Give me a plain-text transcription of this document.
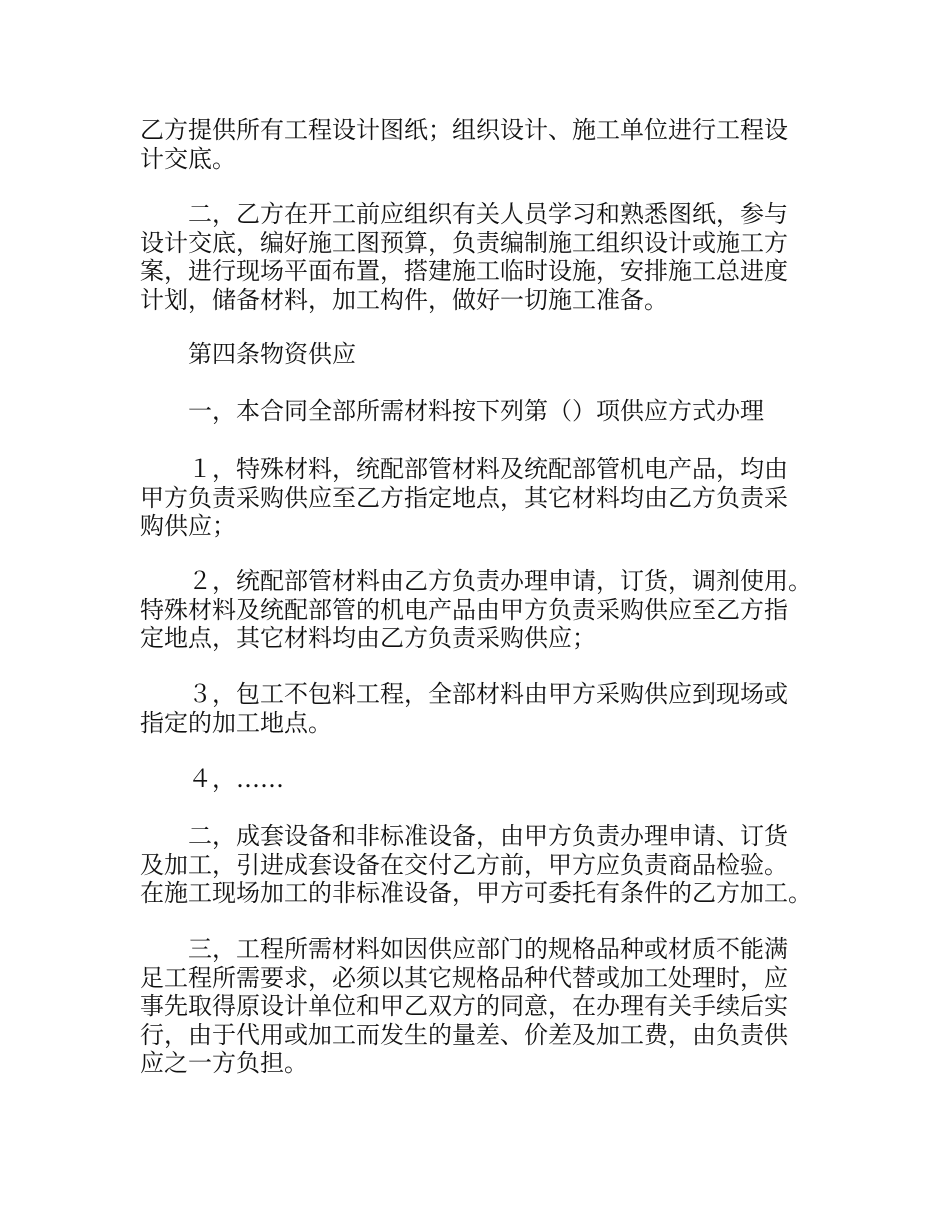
乙方提供所有工程设计图纸；组织设计、施工单位进行工程设
计交底。
　　二，乙方在开工前应组织有关人员学习和熟悉图纸，参与
设计交底，编好施工图预算，负责编制施工组织设计或施工方
案，进行现场平面布置，搭建施工临时设施，安排施工总进度
计划，储备材料，加工构件，做好一切施工准备。
　　第四条物资供应
　　一，本合同全部所需材料按下列第（）项供应方式办理
　　１，特殊材料，统配部管材料及统配部管机电产品，均由
甲方负责采购供应至乙方指定地点，其它材料均由乙方负责采
购供应；
　　２，统配部管材料由乙方负责办理申请，订货，调剂使用。
特殊材料及统配部管的机电产品由甲方负责采购供应至乙方指
定地点，其它材料均由乙方负责采购供应；
　　３，包工不包料工程，全部材料由甲方采购供应到现场或
指定的加工地点。
　　４，……
　　二，成套设备和非标准设备，由甲方负责办理申请、订货
及加工，引进成套设备在交付乙方前，甲方应负责商品检验。
在施工现场加工的非标准设备，甲方可委托有条件的乙方加工。
　　三，工程所需材料如因供应部门的规格品种或材质不能满
足工程所需要求，必须以其它规格品种代替或加工处理时，应
事先取得原设计单位和甲乙双方的同意，在办理有关手续后实
行，由于代用或加工而发生的量差、价差及加工费，由负责供
应之一方负担。
